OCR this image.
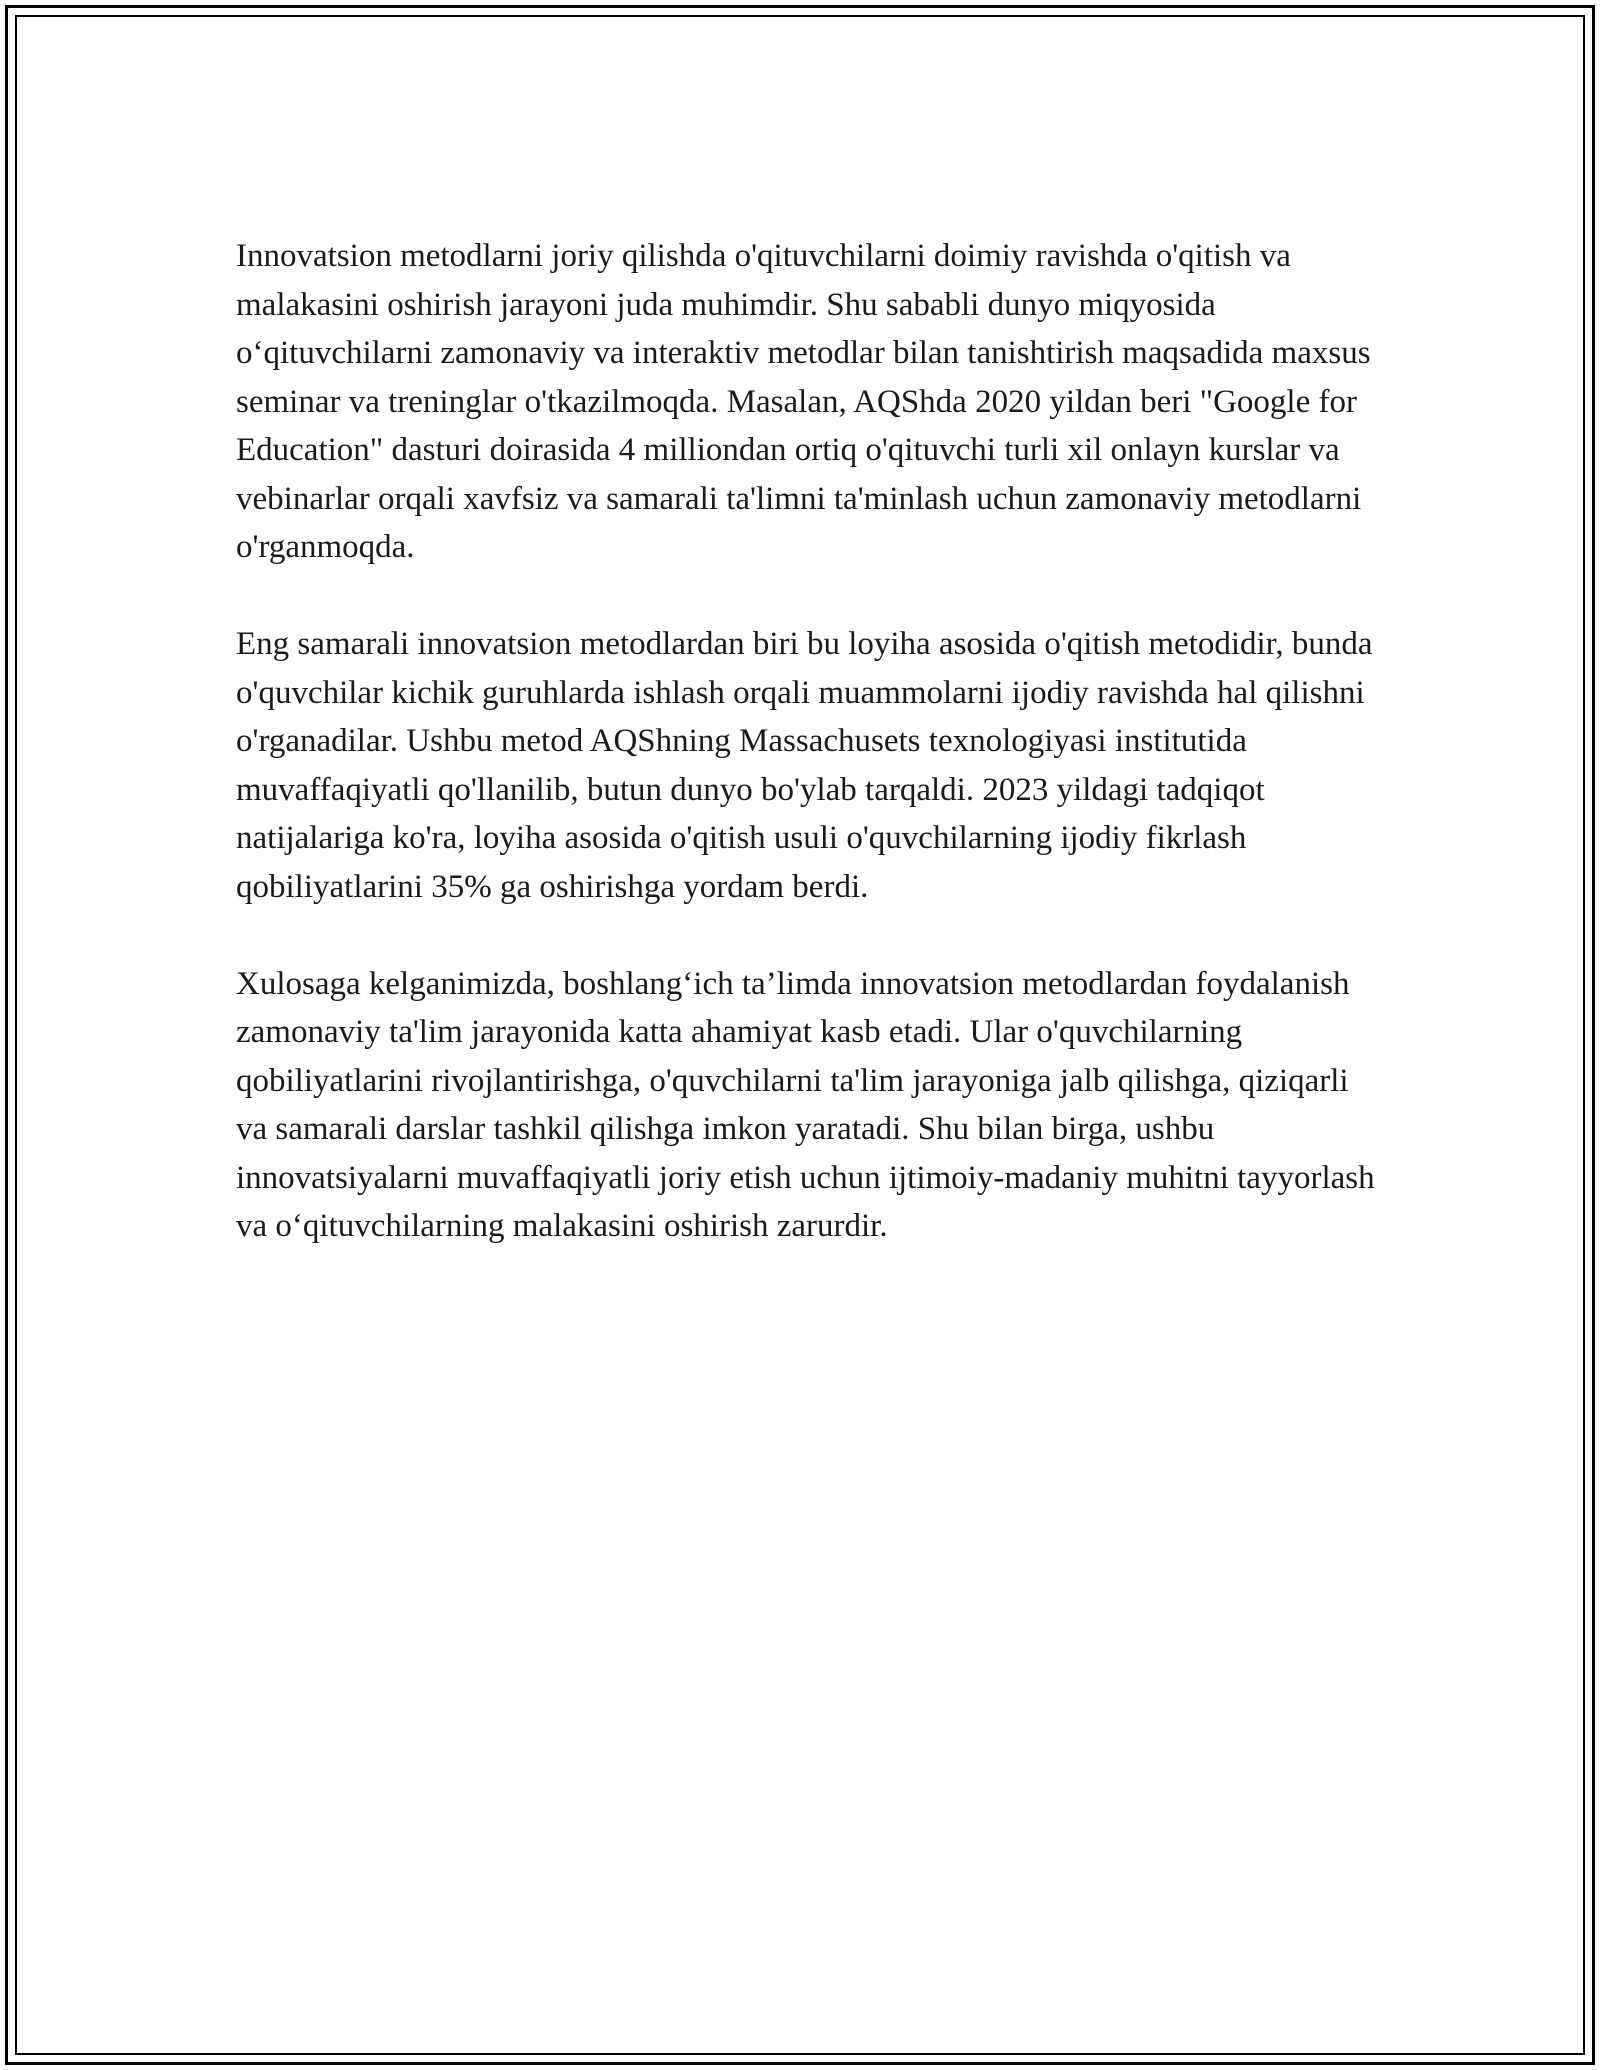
Innovatsion metodlarni joriy qilishda o'qituvchilarni doimiy ravishda o'qitish va malakasini oshirish jarayoni juda muhimdir. Shu sababli dunyo miqyosida o‘qituvchilarni zamonaviy va interaktiv metodlar bilan tanishtirish maqsadida maxsus seminar va treninglar o'tkazilmoqda. Masalan, AQShda 2020 yildan beri "Google for Education" dasturi doirasida 4 milliondan ortiq o'qituvchi turli xil onlayn kurslar va vebinarlar orqali xavfsiz va samarali ta'limni ta'minlash uchun zamonaviy metodlarni o'rganmoqda.

Eng samarali innovatsion metodlardan biri bu loyiha asosida o'qitish metodidir, bunda o'quvchilar kichik guruhlarda ishlash orqali muammolarni ijodiy ravishda hal qilishni o'rganadilar. Ushbu metod AQShning Massachusets texnologiyasi institutida muvaffaqiyatli qo'llanilib, butun dunyo bo'ylab tarqaldi. 2023 yildagi tadqiqot natijalariga ko'ra, loyiha asosida o'qitish usuli o'quvchilarning ijodiy fikrlash qobiliyatlarini 35% ga oshirishga yordam berdi.

Xulosaga kelganimizda, boshlang‘ich ta’limda innovatsion metodlardan foydalanish zamonaviy ta'lim jarayonida katta ahamiyat kasb etadi. Ular o'quvchilarning qobiliyatlarini rivojlantirishga, o'quvchilarni ta'lim jarayoniga jalb qilishga, qiziqarli va samarali darslar tashkil qilishga imkon yaratadi. Shu bilan birga, ushbu innovatsiyalarni muvaffaqiyatli joriy etish uchun ijtimoiy-madaniy muhitni tayyorlash va o‘qituvchilarning malakasini oshirish zarurdir.
